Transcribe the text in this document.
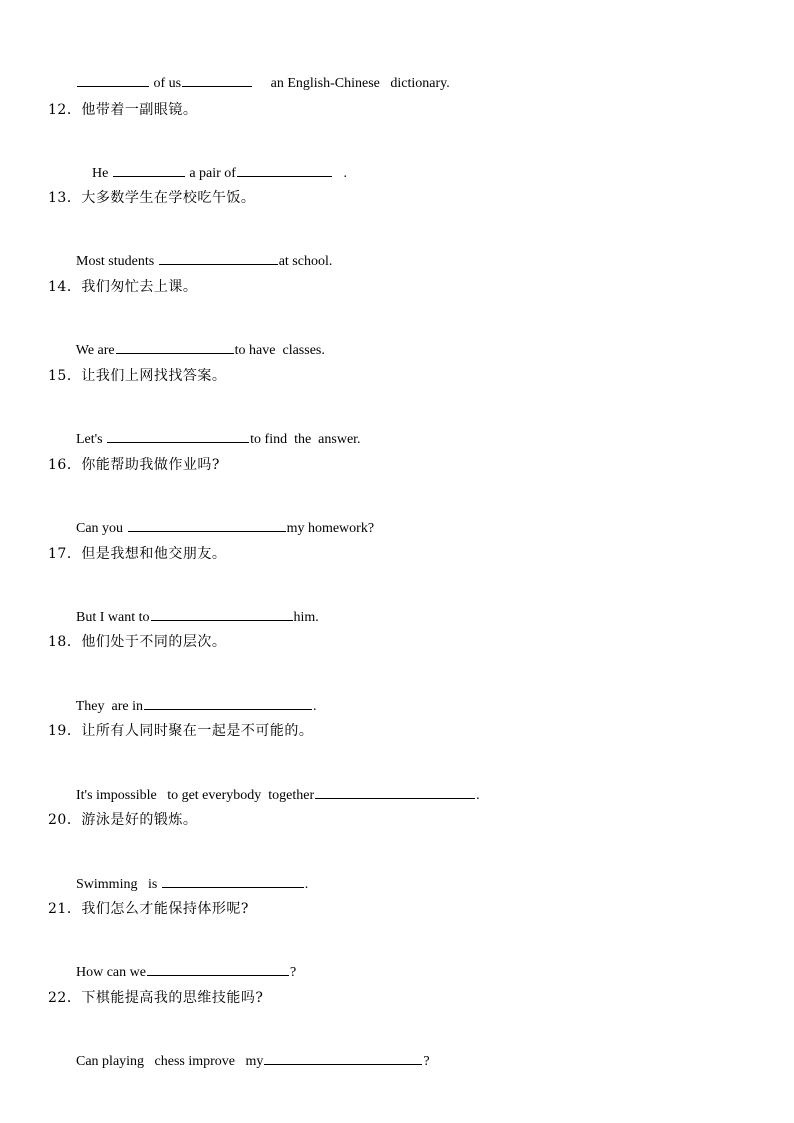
of us	an English-Chinese   dictionary.

12．他带着一副眼镜。

He	a pair of	.

13．大多数学生在学校吃午饭。

Most students	at school.

14．我们匆忙去上课。

We are	to have  classes.

15．让我们上网找找答案。

Let's	to find  the  answer.

16．你能帮助我做作业吗?

Can you	my homework?

17．但是我想和他交朋友。

But I want to	him.

18．他们处于不同的层次。

They  are in	.

19．让所有人同时聚在一起是不可能的。

It's impossible   to get everybody  together	.

20．游泳是好的锻炼。

Swimming   is	.

21．我们怎么才能保持体形呢?

How can we	?

22．下棋能提高我的思维技能吗?

Can playing   chess improve   my	?
